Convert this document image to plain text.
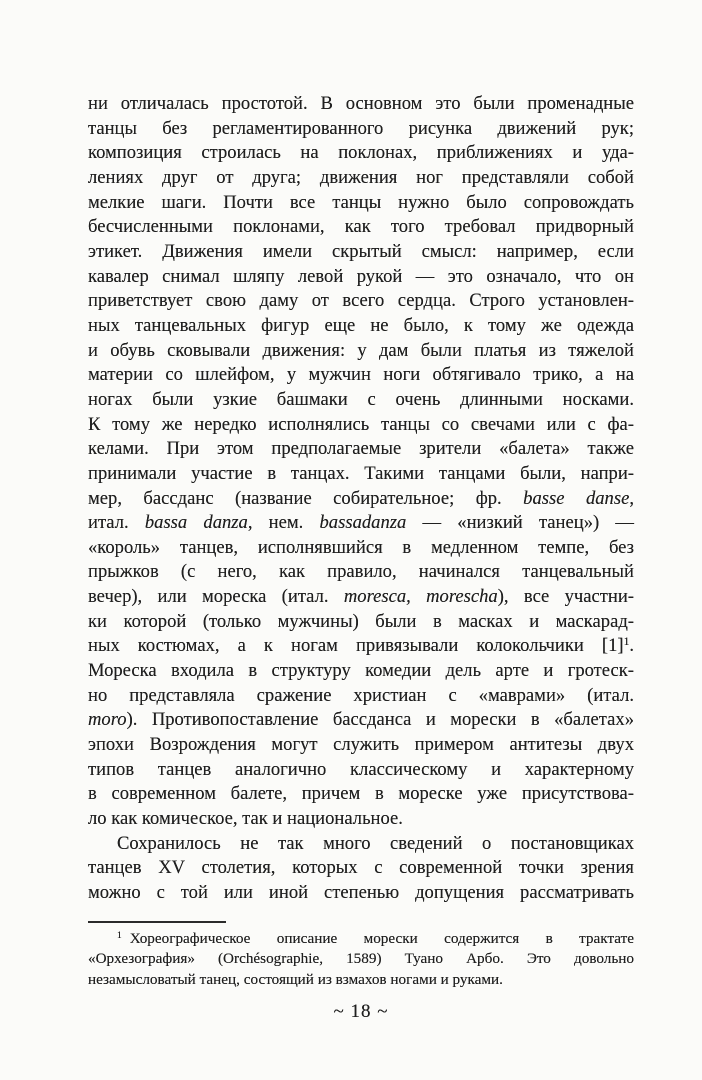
ни отличалась простотой. В основном это были променадные
танцы без регламентированного рисунка движений рук;
композиция строилась на поклонах, приближениях и уда-
лениях друг от друга; движения ног представляли собой
мелкие шаги. Почти все танцы нужно было сопровождать
бесчисленными поклонами, как того требовал придворный
этикет. Движения имели скрытый смысл: например, если
кавалер снимал шляпу левой рукой — это означало, что он
приветствует свою даму от всего сердца. Строго установлен-
ных танцевальных фигур еще не было, к тому же одежда
и обувь сковывали движения: у дам были платья из тяжелой
материи со шлейфом, у мужчин ноги обтягивало трико, а на
ногах были узкие башмаки с очень длинными носками.
К тому же нередко исполнялись танцы со свечами или с фа-
келами. При этом предполагаемые зрители «балета» также
принимали участие в танцах. Такими танцами были, напри-
мер, бассданс (название собирательное; фр. basse danse,
итал. bassa danza, нем. bassadanza — «низкий танец») —
«король» танцев, исполнявшийся в медленном темпе, без
прыжков (с него, как правило, начинался танцевальный
вечер), или мореска (итал. moresca, morescha), все участни-
ки которой (только мужчины) были в масках и маскарад-
ных костюмах, а к ногам привязывали колокольчики $[1]^1$.
Мореска входила в структуру комедии дель арте и гротеск-
но представляла сражение христиан с «маврами» (итал.
moro). Противопоставление бассданса и морески в «балетах»
эпохи Возрождения могут служить примером антитезы двух
типов танцев аналогично классическому и характерному
в современном балете, причем в мореске уже присутствова-
ло как комическое, так и национальное.
Сохранилось не так много сведений о постановщиках
танцев XV столетия, которых с современной точки зрения
можно с той или иной степенью допущения рассматривать
$^1$ Хореографическое описание морески содержится в трактате
«Орхезография» (Orchésographie, 1589) Туано Арбо. Это довольно
незамысловатый танец, состоящий из взмахов ногами и руками.
~ 18 ~
